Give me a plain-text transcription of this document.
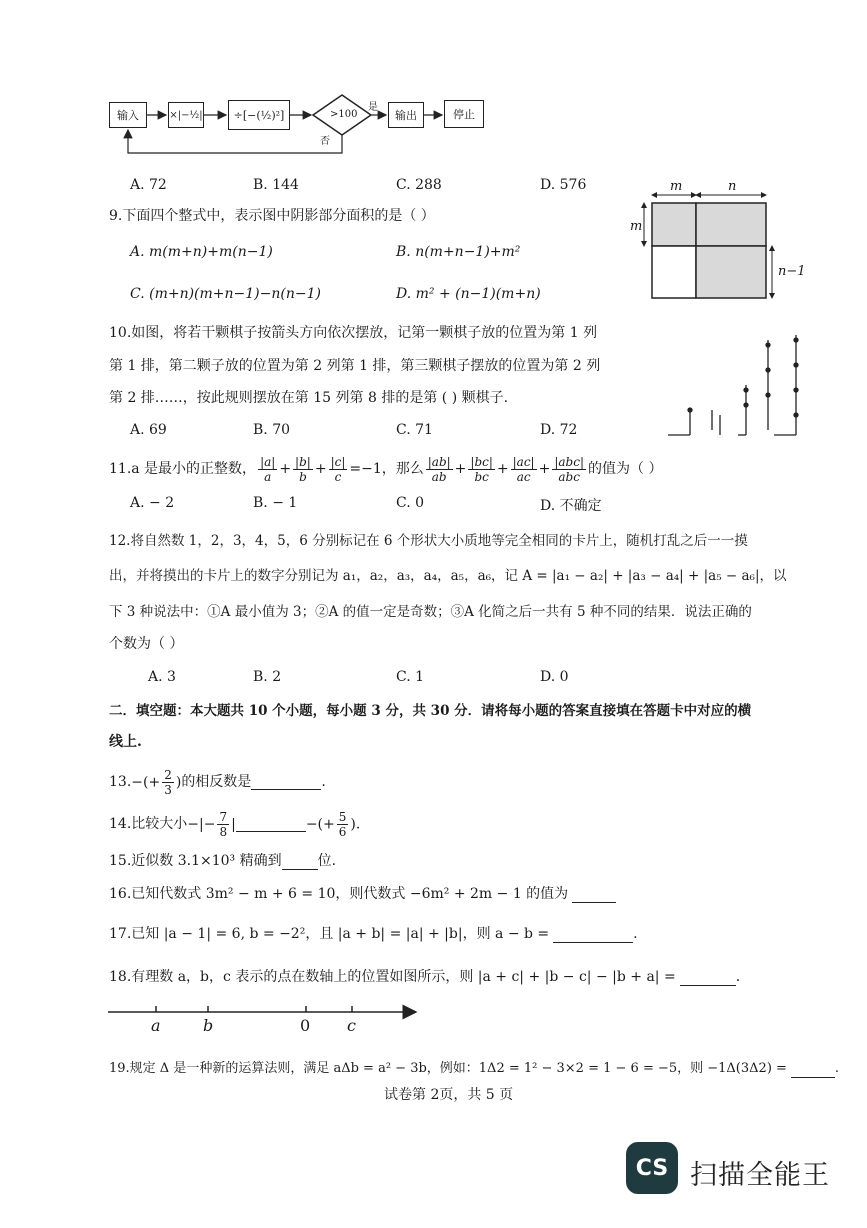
输入	×|−½|	÷[−(½)²]	>100
是
否
输出	停止
A. 72	B. 144	C. 288	D. 576
9.下面四个整式中，表示图中阴影部分面积的是（ ）
A. m(m+n)+m(n−1)	B. n(m+n−1)+m²
C. (m+n)(m+n−1)−n(n−1)	D. m² + (n−1)(m+n)
m	n
m
n−1
10.如图，将若干颗棋子按箭头方向依次摆放，记第一颗棋子放的位置为第 1 列
第 1 排，第二颗子放的位置为第 2 列第 1 排，第三颗棋子摆放的位置为第 2 列
第 2 排……，按此规则摆放在第 15 列第 8 排的是第 ( ) 颗棋子.
A. 69	B. 70	C. 71	D. 72
11.a 是最小的正整数， $\frac{|a|}{a} + \frac{|b|}{b} + \frac{|c|}{c} =-1$，那么 $\frac{|ab|}{ab} + \frac{|bc|}{bc} + \frac{|ac|}{ac} + \frac{\text{|abc|}}{\text{abc}}$ 的值为（ ）
A. − 2	B. − 1	C. 0	D. 不确定
12.将自然数 1，2，3，4，5，6 分别标记在 6 个形状大小质地等完全相同的卡片上，随机打乱之后一一摸
出，并将摸出的卡片上的数字分别记为 a₁，a₂，a₃，a₄，a₅，a₆，记 A = |a₁ − a₂| + |a₃ − a₄| + |a₅ − a₆|，以
下 3 种说法中：①A 最小值为 3；②A 的值一定是奇数；③A 化简之后一共有 5 种不同的结果．说法正确的
个数为（ ）
A. 3	B. 2	C. 1	D. 0
二．填空题：本大题共 10 个小题，每小题 3 分，共 30 分．请将每小题的答案直接填在答题卡中对应的横
线上.
13. −(+ $\frac{2}{3}$ ) 的相反数是	.
14.比较大小 −|− $\frac{7}{8}$ |	−(+ $\frac{5}{6}$ ).
15.近似数 3.1×10³ 精确到	位.
16.已知代数式 3m² − m + 6 = 10，则代数式 −6m² + 2m − 1 的值为
17.已知 |a − 1| = 6, b = −2²，且 |a + b| = |a| + |b|，则 a − b =	.
18.有理数 a，b，c 表示的点在数轴上的位置如图所示，则 |a + c| + |b − c| − |b + a| =	.
a	b	0 c
19.规定 Δ 是一种新的运算法则，满足 aΔb = a² − 3b，例如：1Δ2 = 1² − 3×2 = 1 − 6 = −5，则 −1Δ(3Δ2) =	.
试卷第 2页，共 5 页
CS 扫描全能王
